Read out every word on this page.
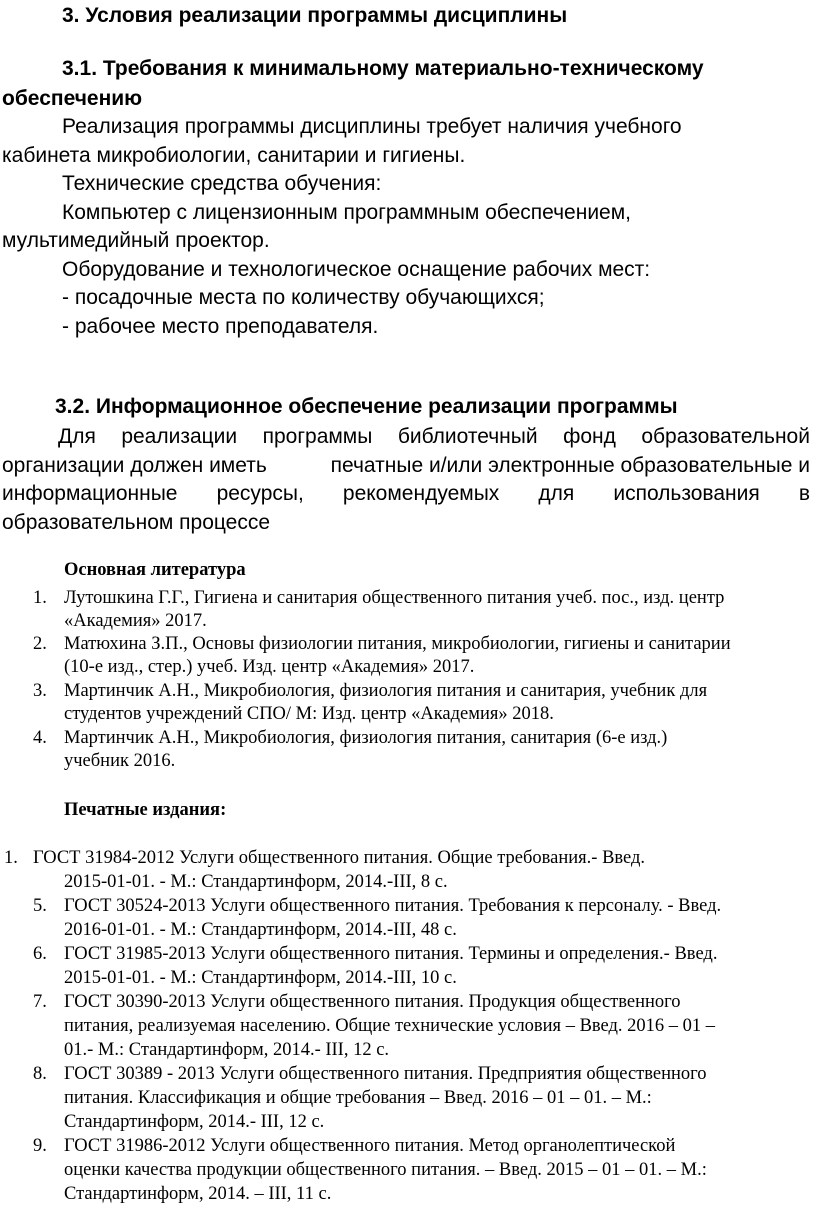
3. Условия реализации программы дисциплины
3.1. Требования к минимальному материально-техническому
обеспечению
Реализация программы дисциплины требует наличия учебного
кабинета микробиологии, санитарии и гигиены.
Технические средства обучения:
Компьютер с лицензионным программным обеспечением,
мультимедийный проектор.
Оборудование и технологическое оснащение рабочих мест:
- посадочные места по количеству обучающихся;
- рабочее место преподавателя.
3.2. Информационное обеспечение реализации программы
Для реализации программы библиотечный фонд образовательной
организации должен иметь	печатные и/или электронные образовательные и
информационные ресурсы, рекомендуемых для использования в
образовательном процессе
Основная литература
1. Лутошкина Г.Г., Гигиена и санитария общественного питания учеб. пос., изд. центр
«Академия» 2017.
2. Матюхина З.П., Основы физиологии питания, микробиологии, гигиены и санитарии
(10-е изд., стер.) учеб. Изд. центр «Академия» 2017.
3. Мартинчик А.Н., Микробиология, физиология питания и санитария, учебник для
студентов учреждений СПО/ М: Изд. центр «Академия» 2018.
4. Мартинчик А.Н., Микробиология, физиология питания, санитария (6-е изд.)
учебник 2016.
Печатные издания:
1. ГОСТ 31984-2012 Услуги общественного питания. Общие требования.- Введ.
2015-01-01. - М.: Стандартинформ, 2014.-III, 8 с.
5. ГОСТ 30524-2013 Услуги общественного питания. Требования к персоналу. - Введ.
2016-01-01. - М.: Стандартинформ, 2014.-III, 48 с.
6. ГОСТ 31985-2013 Услуги общественного питания. Термины и определения.- Введ.
2015-01-01. - М.: Стандартинформ, 2014.-III, 10 с.
7. ГОСТ 30390-2013 Услуги общественного питания. Продукция общественного
питания, реализуемая населению. Общие технические условия – Введ. 2016 – 01 –
01.- М.: Стандартинформ, 2014.- III, 12 с.
8. ГОСТ 30389 - 2013 Услуги общественного питания. Предприятия общественного
питания. Классификация и общие требования – Введ. 2016 – 01 – 01. – М.:
Стандартинформ, 2014.- III, 12 с.
9. ГОСТ 31986-2012 Услуги общественного питания. Метод органолептической
оценки качества продукции общественного питания. – Введ. 2015 – 01 – 01. – М.:
Стандартинформ, 2014. – III, 11 с.
